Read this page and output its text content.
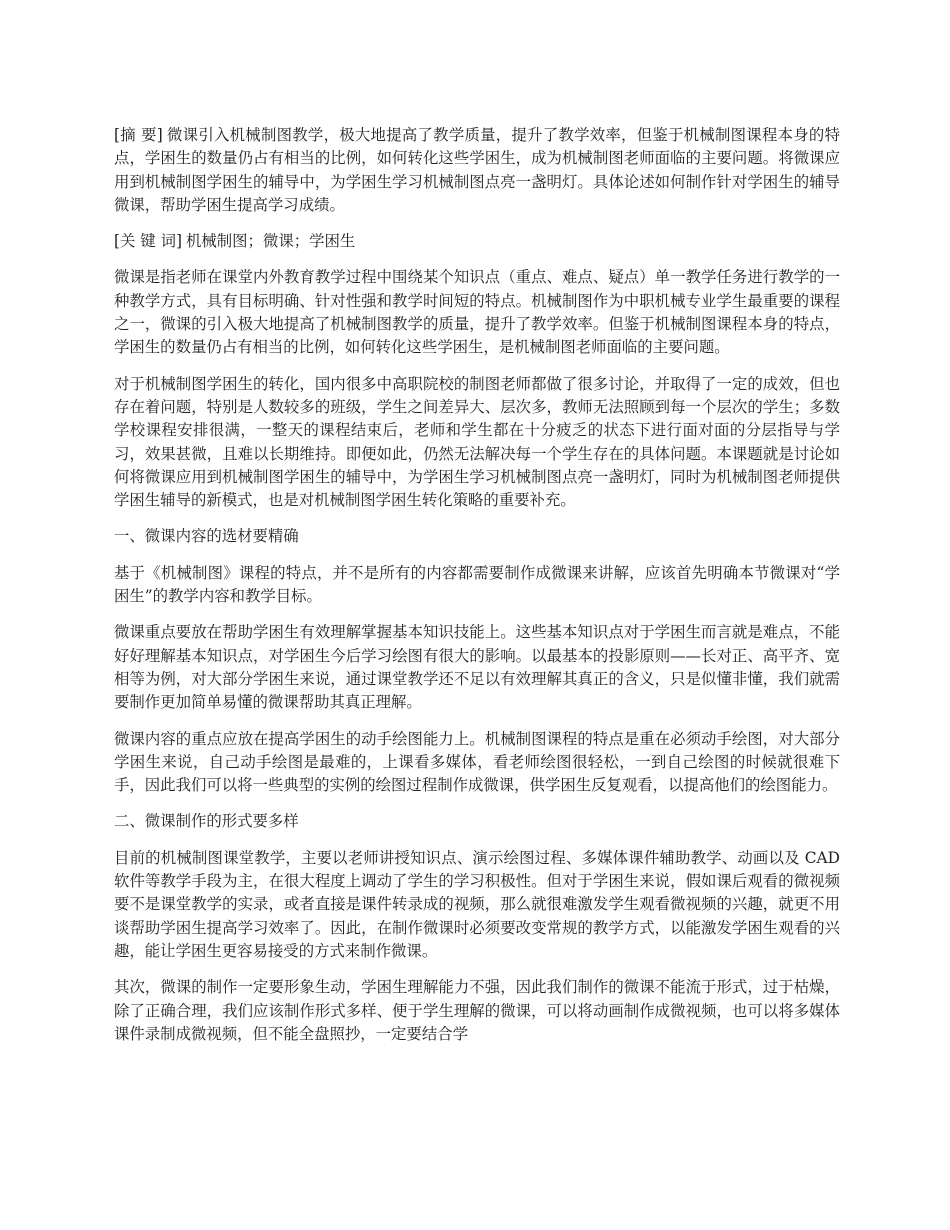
[摘 要] 微课引入机械制图教学，极大地提高了教学质量，提升了教学效率，但鉴于机械制图课程本身的特点，学困生的数量仍占有相当的比例，如何转化这些学困生，成为机械制图老师面临的主要问题。将微课应用到机械制图学困生的辅导中，为学困生学习机械制图点亮一盏明灯。具体论述如何制作针对学困生的辅导微课，帮助学困生提高学习成绩。

[关 键 词] 机械制图；微课；学困生

微课是指老师在课堂内外教育教学过程中围绕某个知识点（重点、难点、疑点）单一教学任务进行教学的一种教学方式，具有目标明确、针对性强和教学时间短的特点。机械制图作为中职机械专业学生最重要的课程之一，微课的引入极大地提高了机械制图教学的质量，提升了教学效率。但鉴于机械制图课程本身的特点，学困生的数量仍占有相当的比例，如何转化这些学困生，是机械制图老师面临的主要问题。

对于机械制图学困生的转化，国内很多中高职院校的制图老师都做了很多讨论，并取得了一定的成效，但也存在着问题，特别是人数较多的班级，学生之间差异大、层次多，教师无法照顾到每一个层次的学生；多数学校课程安排很满，一整天的课程结束后，老师和学生都在十分疲乏的状态下进行面对面的分层指导与学习，效果甚微，且难以长期维持。即便如此，仍然无法解决每一个学生存在的具体问题。本课题就是讨论如何将微课应用到机械制图学困生的辅导中，为学困生学习机械制图点亮一盏明灯，同时为机械制图老师提供学困生辅导的新模式，也是对机械制图学困生转化策略的重要补充。

一、微课内容的选材要精确

基于《机械制图》课程的特点，并不是所有的内容都需要制作成微课来讲解，应该首先明确本节微课对“学困生”的教学内容和教学目标。

微课重点要放在帮助学困生有效理解掌握基本知识技能上。这些基本知识点对于学困生而言就是难点，不能好好理解基本知识点，对学困生今后学习绘图有很大的影响。以最基本的投影原则——长对正、高平齐、宽相等为例，对大部分学困生来说，通过课堂教学还不足以有效理解其真正的含义，只是似懂非懂，我们就需要制作更加简单易懂的微课帮助其真正理解。

微课内容的重点应放在提高学困生的动手绘图能力上。机械制图课程的特点是重在必须动手绘图，对大部分学困生来说，自己动手绘图是最难的，上课看多媒体，看老师绘图很轻松，一到自己绘图的时候就很难下手，因此我们可以将一些典型的实例的绘图过程制作成微课，供学困生反复观看，以提高他们的绘图能力。

二、微课制作的形式要多样

目前的机械制图课堂教学，主要以老师讲授知识点、演示绘图过程、多媒体课件辅助教学、动画以及 CAD 软件等教学手段为主，在很大程度上调动了学生的学习积极性。但对于学困生来说，假如课后观看的微视频要不是课堂教学的实录，或者直接是课件转录成的视频，那么就很难激发学生观看微视频的兴趣，就更不用谈帮助学困生提高学习效率了。因此，在制作微课时必须要改变常规的教学方式，以能激发学困生观看的兴趣，能让学困生更容易接受的方式来制作微课。

其次，微课的制作一定要形象生动，学困生理解能力不强，因此我们制作的微课不能流于形式，过于枯燥，除了正确合理，我们应该制作形式多样、便于学生理解的微课，可以将动画制作成微视频，也可以将多媒体课件录制成微视频，但不能全盘照抄，一定要结合学
